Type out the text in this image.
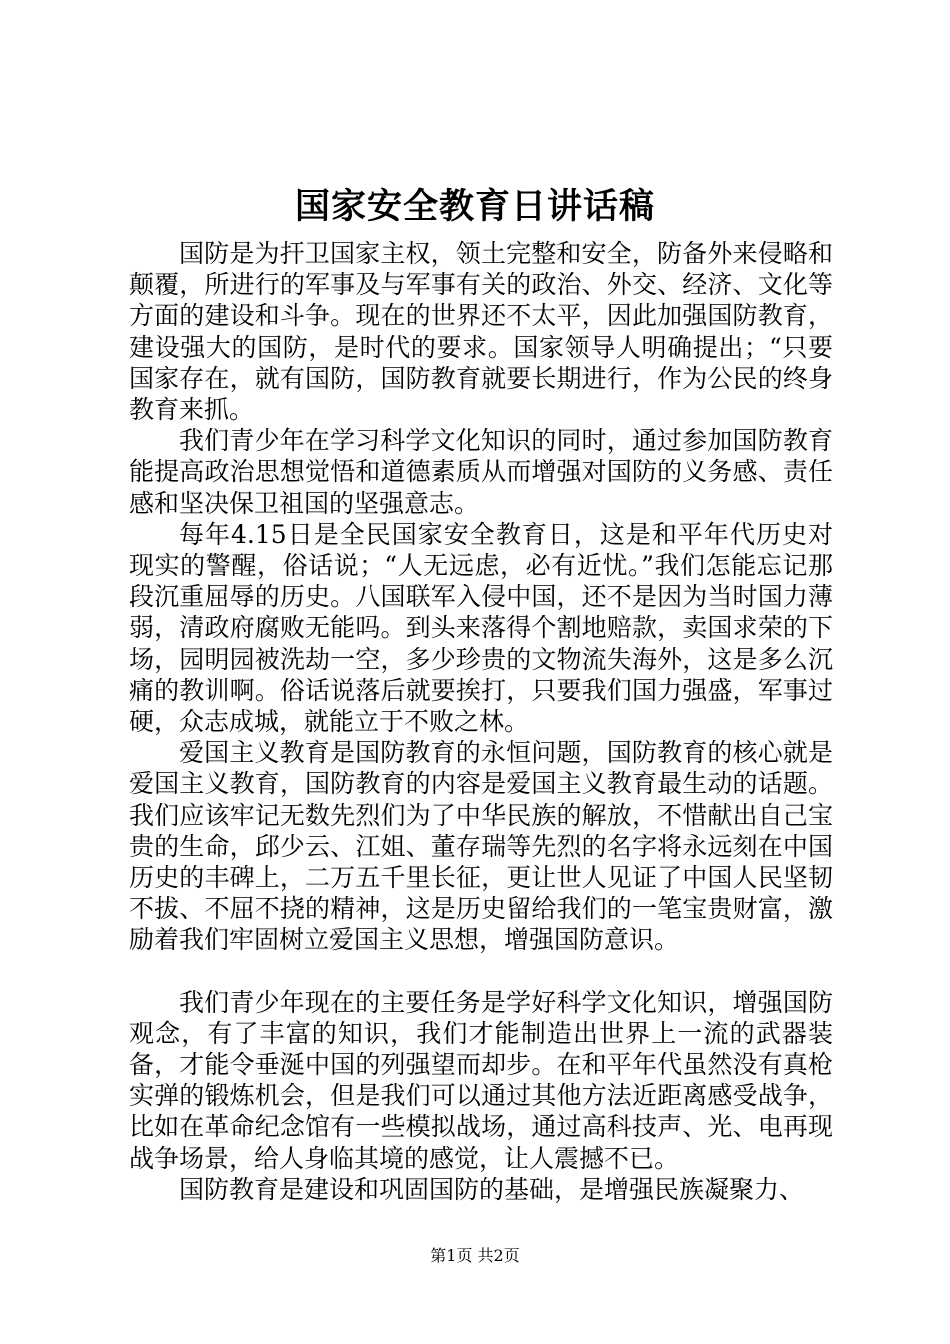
国家安全教育日讲话稿

国防是为扞卫国家主权，领土完整和安全，防备外来侵略和颠覆，所进行的军事及与军事有关的政治、外交、经济、文化等方面的建设和斗争。现在的世界还不太平，因此加强国防教育，建设强大的国防，是时代的要求。国家领导人明确提出；“只要国家存在，就有国防，国防教育就要长期进行，作为公民的终身教育来抓。

我们青少年在学习科学文化知识的同时，通过参加国防教育能提高政治思想觉悟和道德素质从而增强对国防的义务感、责任感和坚决保卫祖国的坚强意志。

每年4.15日是全民国家安全教育日，这是和平年代历史对现实的警醒，俗话说；“人无远虑，必有近忧。”我们怎能忘记那段沉重屈辱的历史。八国联军入侵中国，还不是因为当时国力薄弱，清政府腐败无能吗。到头来落得个割地赔款，卖国求荣的下场，园明园被洗劫一空，多少珍贵的文物流失海外，这是多么沉痛的教训啊。俗话说落后就要挨打，只要我们国力强盛，军事过硬，众志成城，就能立于不败之林。

爱国主义教育是国防教育的永恒问题，国防教育的核心就是爱国主义教育，国防教育的内容是爱国主义教育最生动的话题。我们应该牢记无数先烈们为了中华民族的解放，不惜献出自己宝贵的生命，邱少云、江姐、董存瑞等先烈的名字将永远刻在中国历史的丰碑上，二万五千里长征，更让世人见证了中国人民坚韧不拔、不屈不挠的精神，这是历史留给我们的一笔宝贵财富，激励着我们牢固树立爱国主义思想，增强国防意识。

我们青少年现在的主要任务是学好科学文化知识，增强国防观念，有了丰富的知识，我们才能制造出世界上一流的武器装备，才能令垂涎中国的列强望而却步。在和平年代虽然没有真枪实弹的锻炼机会，但是我们可以通过其他方法近距离感受战争，比如在革命纪念馆有一些模拟战场，通过高科技声、光、电再现战争场景，给人身临其境的感觉，让人震撼不已。

国防教育是建设和巩固国防的基础，是增强民族凝聚力、

第1页 共2页
